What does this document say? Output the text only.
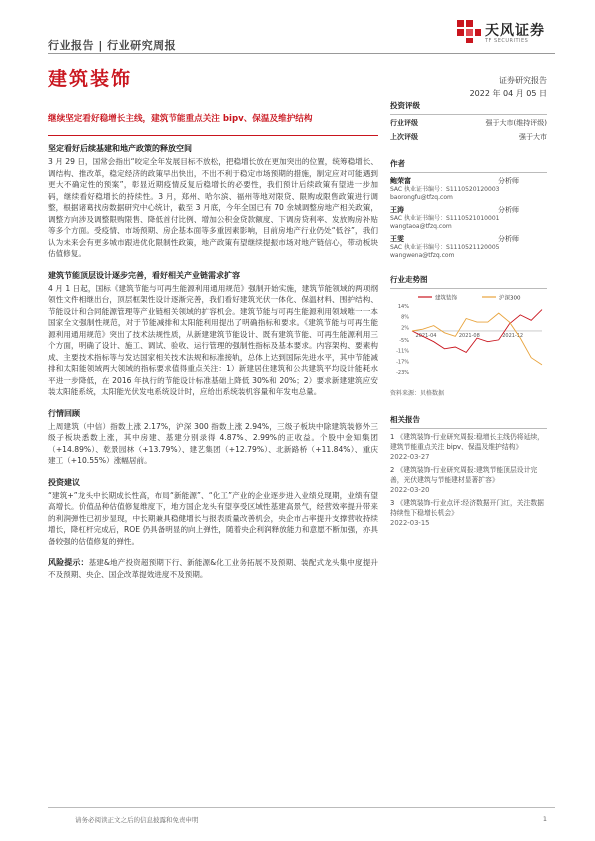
行业报告 | 行业研究周报
天风证券
TF SECURITIES
建筑装饰	证券研究报告
2022 年 04 月 05 日
继续坚定看好稳增长主线，建筑节能重点关注 bipv、保温及维护结构
坚定看好后续基建和地产政策的释放空间
3 月 29 日，国常会指出“咬定全年发展目标不放松，把稳增长放在更加突出的位置，统筹稳增长、调结构、推改革，稳定经济的政策早出快出，不出不利于稳定市场预期的措施，制定应对可能遇到更大不确定性的预案”，彰显近期疫情反复后稳增长的必要性，我们预计后续政策有望进一步加码，继续看好稳增长的持续性。3 月，郑州、哈尔滨、福州等地对限贷、限购或限售政策进行调整，根据诸葛找房数据研究中心统计，截至 3 月底，今年全国已有 70 余城调整房地产相关政策，调整方向涉及调整限购限售、降低首付比例、增加公积金贷款额度、下调房贷利率、发放购房补贴等多个方面。受疫情、市场预期、房企基本面等多重因素影响，目前房地产行业仍处“低谷”，我们认为未来会有更多城市跟进优化限制性政策，地产政策有望继续提振市场对地产链信心，带动板块估值修复。
建筑节能顶层设计逐步完善，看好相关产业链需求扩容
4 月 1 日起，国标《建筑节能与可再生能源利用通用规范》强制开始实施，建筑节能领域的两项纲领性文件相继出台，顶层框架性设计逐渐完善，我们看好建筑光伏一体化、保温材料、围护结构、节能设计和合同能源管理等产业链相关领域的扩容机会。建筑节能与可再生能源利用领域唯一一本国家全文强制性规范，对于节能减排和太阳能利用提出了明确指标和要求。《建筑节能与可再生能源利用通用规范》突出了技术法规性质，从新建建筑节能设计、既有建筑节能、可再生能源利用三个方面，明确了设计、施工、调试、验收、运行管理的强制性指标及基本要求。内容架构、要素构成、主要技术指标等与发达国家相关技术法规和标准接轨，总体上达到国际先进水平，其中节能减排和太阳能领域两大领域的指标要求值得重点关注：1）新建居住建筑和公共建筑平均设计能耗水平进一步降低，在 2016 年执行的节能设计标准基础上降低 30%和 20%；2）要求新建建筑应安装太阳能系统，太阳能光伏发电系统设计时，应给出系统装机容量和年发电总量。
行情回顾
上周建筑（中信）指数上涨 2.17%，沪深 300 指数上涨 2.94%，三级子板块中除建筑装修外三级子板块悉数上涨，其中房建、基建分别录得 4.87%、2.99%的正收益。个股中金知集团（+14.89%）、乾景园林（+13.79%）、建艺集团（+12.79%）、北新路桥（+11.84%）、重庆建工（+10.55%）涨幅居前。
投资建议
“建筑+”龙头中长期成长性高，布局“新能源”、“化工”产业的企业逐步进入业绩兑现期，业绩有望高增长。价值品种估值修复维度下，地方国企龙头有望享受区域性基建高景气，经营效率提升带来的利润弹性已初步显现，中长期兼具稳健增长与报表质量改善机会，央企市占率提升支撑营收持续增长，降杠杆完成后，ROE 仍具备明显的向上弹性，随着央企利润释放能力和意愿不断加强，亦具备较强的估值修复的弹性。
风险提示：基建&地产投资超预期下行、新能源&化工业务拓展不及预期、装配式龙头集中度提升不及预期、央企、国企改革提效进度不及预期。
投资评级
行业评级	强于大市(维持评级)
上次评级	强于大市
作者
鲍荣富	分析师
SAC 执业证书编号：S1110520120003
baorongfu@tfzq.com
王涛	分析师
SAC 执业证书编号：S1110521010001
wangtaoa@tfzq.com
王雯	分析师
SAC 执业证书编号：S1110521120005
wangwena@tfzq.com
行业走势图
建筑装饰	沪深300
14%
8%
2%
-5%
-11%
-17%
-23%
2021-04	2021-08	2021-12
资料来源：贝格数据
相关报告
1 《建筑装饰-行业研究周报:稳增长主线仍将延续，建筑节能重点关注 bipv、保温及维护结构》
2022-03-27
2 《建筑装饰-行业研究周报:建筑节能顶层设计完善，光伏建筑与节能建材显著扩容》
2022-03-20
3 《建筑装饰-行业点评:经济数据开门红，关注数据持续性下稳增长机会》
2022-03-15
请务必阅读正文之后的信息披露和免责申明	1
